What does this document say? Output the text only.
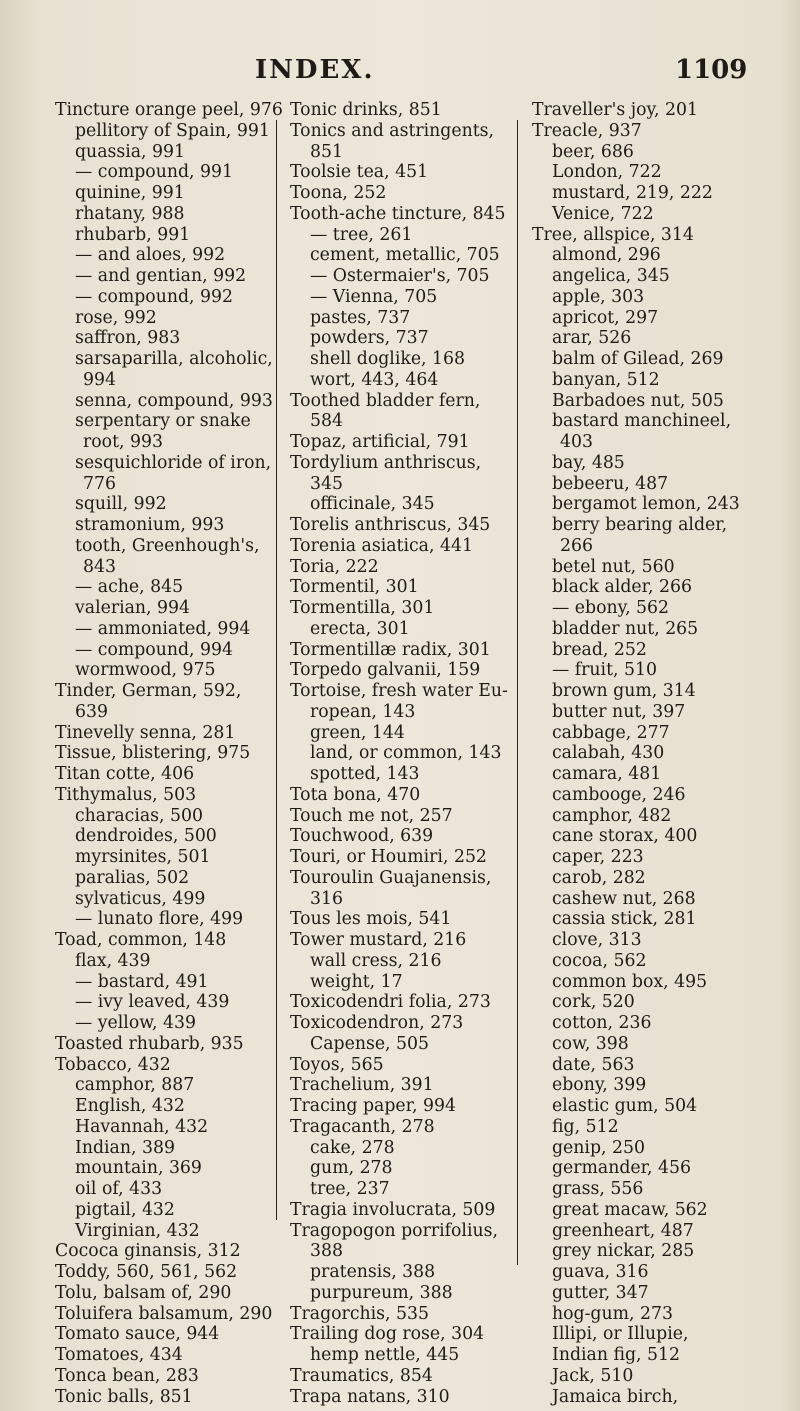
INDEX.	1109
Tincture orange peel, 976
pellitory of Spain, 991
quassia, 991
— compound, 991
quinine, 991
rhatany, 988
rhubarb, 991
— and aloes, 992
— and gentian, 992
— compound, 992
rose, 992
saffron, 983
sarsaparilla, alcoholic,
994
senna, compound, 993
serpentary or snake
root, 993
sesquichloride of iron,
776
squill, 992
stramonium, 993
tooth, Greenhough's,
843
— ache, 845
valerian, 994
— ammoniated, 994
— compound, 994
wormwood, 975
Tinder, German, 592,
639
Tinevelly senna, 281
Tissue, blistering, 975
Titan cotte, 406
Tithymalus, 503
characias, 500
dendroides, 500
myrsinites, 501
paralias, 502
sylvaticus, 499
— lunato flore, 499
Toad, common, 148
flax, 439
— bastard, 491
— ivy leaved, 439
— yellow, 439
Toasted rhubarb, 935
Tobacco, 432
camphor, 887
English, 432
Havannah, 432
Indian, 389
mountain, 369
oil of, 433
pigtail, 432
Virginian, 432
Cococa ginansis, 312
Toddy, 560, 561, 562
Tolu, balsam of, 290
Toluifera balsamum, 290
Tomato sauce, 944
Tomatoes, 434
Tonca bean, 283
Tonic balls, 851
Tonic drinks, 851
Tonics and astringents,
851
Toolsie tea, 451
Toona, 252
Tooth-ache tincture, 845
— tree, 261
cement, metallic, 705
— Ostermaier's, 705
— Vienna, 705
pastes, 737
powders, 737
shell doglike, 168
wort, 443, 464
Toothed bladder fern,
584
Topaz, artificial, 791
Tordylium anthriscus,
345
officinale, 345
Torelis anthriscus, 345
Torenia asiatica, 441
Toria, 222
Tormentil, 301
Tormentilla, 301
erecta, 301
Tormentillæ radix, 301
Torpedo galvanii, 159
Tortoise, fresh water Eu-
ropean, 143
green, 144
land, or common, 143
spotted, 143
Tota bona, 470
Touch me not, 257
Touchwood, 639
Touri, or Houmiri, 252
Touroulin Guajanensis,
316
Tous les mois, 541
Tower mustard, 216
wall cress, 216
weight, 17
Toxicodendri folia, 273
Toxicodendron, 273
Capense, 505
Toyos, 565
Trachelium, 391
Tracing paper, 994
Tragacanth, 278
cake, 278
gum, 278
tree, 237
Tragia involucrata, 509
Tragopogon porrifolius,
388
pratensis, 388
purpureum, 388
Tragorchis, 535
Trailing dog rose, 304
hemp nettle, 445
Traumatics, 854
Trapa natans, 310
Traveller's joy, 201
Treacle, 937
beer, 686
London, 722
mustard, 219, 222
Venice, 722
Tree, allspice, 314
almond, 296
angelica, 345
apple, 303
apricot, 297
arar, 526
balm of Gilead, 269
banyan, 512
Barbadoes nut, 505
bastard manchineel,
403
bay, 485
bebeeru, 487
bergamot lemon, 243
berry bearing alder,
266
betel nut, 560
black alder, 266
— ebony, 562
bladder nut, 265
bread, 252
— fruit, 510
brown gum, 314
butter nut, 397
cabbage, 277
calabah, 430
camara, 481
cambooge, 246
camphor, 482
cane storax, 400
caper, 223
carob, 282
cashew nut, 268
cassia stick, 281
clove, 313
cocoa, 562
common box, 495
cork, 520
cotton, 236
cow, 398
date, 563
ebony, 399
elastic gum, 504
fig, 512
genip, 250
germander, 456
grass, 556
great macaw, 562
greenheart, 487
grey nickar, 285
guava, 316
gutter, 347
hog-gum, 273
Illipi, or Illupie,
Indian fig, 512
Jack, 510
Jamaica birch,
